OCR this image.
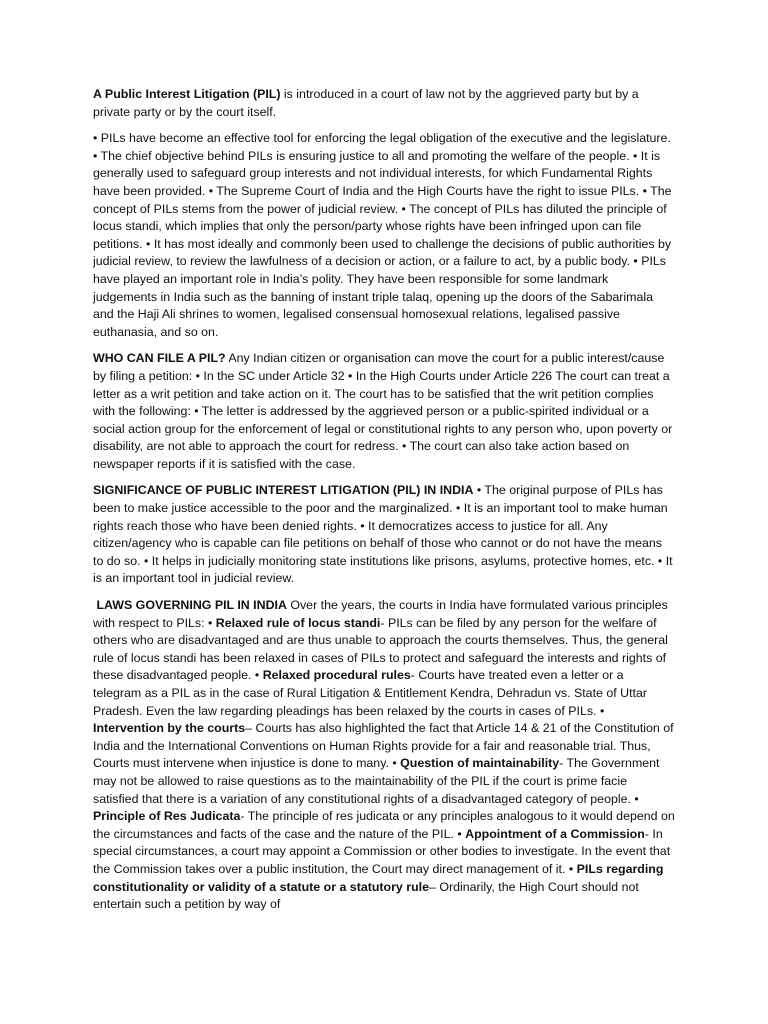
A Public Interest Litigation (PIL) is introduced in a court of law not by the aggrieved party but by a private party or by the court itself.

• PILs have become an effective tool for enforcing the legal obligation of the executive and the legislature. • The chief objective behind PILs is ensuring justice to all and promoting the welfare of the people. • It is generally used to safeguard group interests and not individual interests, for which Fundamental Rights have been provided. • The Supreme Court of India and the High Courts have the right to issue PILs. • The concept of PILs stems from the power of judicial review. • The concept of PILs has diluted the principle of locus standi, which implies that only the person/party whose rights have been infringed upon can file petitions. • It has most ideally and commonly been used to challenge the decisions of public authorities by judicial review, to review the lawfulness of a decision or action, or a failure to act, by a public body. • PILs have played an important role in India’s polity. They have been responsible for some landmark judgements in India such as the banning of instant triple talaq, opening up the doors of the Sabarimala and the Haji Ali shrines to women, legalised consensual homosexual relations, legalised passive euthanasia, and so on.

WHO CAN FILE A PIL? Any Indian citizen or organisation can move the court for a public interest/cause by filing a petition: • In the SC under Article 32 • In the High Courts under Article 226 The court can treat a letter as a writ petition and take action on it. The court has to be satisfied that the writ petition complies with the following: • The letter is addressed by the aggrieved person or a public-spirited individual or a social action group for the enforcement of legal or constitutional rights to any person who, upon poverty or disability, are not able to approach the court for redress. • The court can also take action based on newspaper reports if it is satisfied with the case.

SIGNIFICANCE OF PUBLIC INTEREST LITIGATION (PIL) IN INDIA • The original purpose of PILs has been to make justice accessible to the poor and the marginalized. • It is an important tool to make human rights reach those who have been denied rights. • It democratizes access to justice for all. Any citizen/agency who is capable can file petitions on behalf of those who cannot or do not have the means to do so. • It helps in judicially monitoring state institutions like prisons, asylums, protective homes, etc. • It is an important tool in judicial review.

LAWS GOVERNING PIL IN INDIA Over the years, the courts in India have formulated various principles with respect to PILs: • Relaxed rule of locus standi- PILs can be filed by any person for the welfare of others who are disadvantaged and are thus unable to approach the courts themselves. Thus, the general rule of locus standi has been relaxed in cases of PILs to protect and safeguard the interests and rights of these disadvantaged people. • Relaxed procedural rules- Courts have treated even a letter or a telegram as a PIL as in the case of Rural Litigation & Entitlement Kendra, Dehradun vs. State of Uttar Pradesh. Even the law regarding pleadings has been relaxed by the courts in cases of PILs. • Intervention by the courts– Courts has also highlighted the fact that Article 14 & 21 of the Constitution of India and the International Conventions on Human Rights provide for a fair and reasonable trial. Thus, Courts must intervene when injustice is done to many. • Question of maintainability- The Government may not be allowed to raise questions as to the maintainability of the PIL if the court is prime facie satisfied that there is a variation of any constitutional rights of a disadvantaged category of people. • Principle of Res Judicata- The principle of res judicata or any principles analogous to it would depend on the circumstances and facts of the case and the nature of the PIL. • Appointment of a Commission- In special circumstances, a court may appoint a Commission or other bodies to investigate. In the event that the Commission takes over a public institution, the Court may direct management of it. • PILs regarding constitutionality or validity of a statute or a statutory rule– Ordinarily, the High Court should not entertain such a petition by way of
